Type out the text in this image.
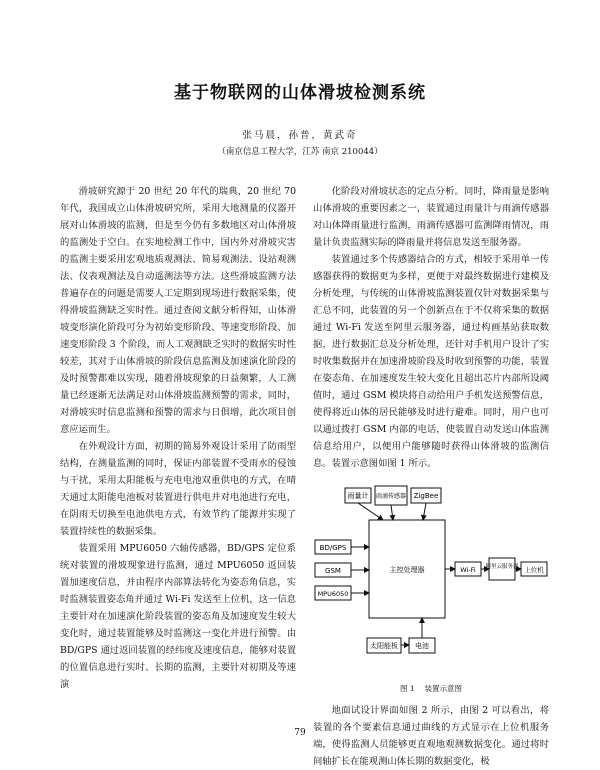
基于物联网的山体滑坡检测系统
张马晨，孙普，黄武奇
（南京信息工程大学，江苏 南京 210044）

滑坡研究源于 20 世纪 20 年代的瑞典，20 世纪 70 年代，我国成立山体滑坡研究所，采用大地测量的仪器开展对山体滑坡的监测，但是至今仍有多数地区对山体滑坡的监测处于空白。在实地检测工作中，国内外对滑坡灾害的监测主要采用宏观地质观测法、简易观测法、设站观测法、仪表观测法及自动遥测法等方法。这些滑坡监测方法普遍存在的问题是需要人工定期到现场进行数据采集，使得滑坡监测缺乏实时性。通过查阅文献分析得知，山体滑坡变形演化阶段可分为初始变形阶段、等速变形阶段、加速变形阶段 3 个阶段，而人工观测缺乏实时的数据实时性较差，其对于山体滑坡的阶段信息监测及加速演化阶段的及时预警都难以实现，随着滑坡现象的日益频繁，人工测量已经逐渐无法满足对山体滑坡监测预警的需求，同时，对滑坡实时信息监测和预警的需求与日俱增，此次项目创意应运而生。

在外观设计方面，初期的简易外观设计采用了防雨型结构，在测量监测的同时，保证内部装置不受雨水的侵蚀与干扰，采用太阳能板与充电电池双重供电的方式，在晴天通过太阳能电池板对装置进行供电并对电池进行充电，在阴雨天切换至电池供电方式，有效节约了能源并实现了装置持续性的数据采集。

装置采用 MPU6050 六轴传感器，BD/GPS 定位系统对装置的滑坡现象进行监测，通过 MPU6050 返回装置加速度信息，并由程序内部算法转化为姿态角信息，实时监测装置姿态角并通过 Wi-Fi 发送至上位机，这一信息主要针对在加速演化阶段装置的姿态角及加速度发生较大变化时，通过装置能够及时监测这一变化并进行预警。由 BD/GPS 通过返回装置的经纬度及速度信息，能够对装置的位置信息进行实时、长期的监测，主要针对初期及等速演

化阶段对滑坡状态的定点分析。同时，降雨量是影响山体滑坡的重要因素之一，装置通过雨量计与雨滴传感器对山体降雨量进行监测，雨滴传感器可监测降雨情况，雨量计负责监测实际的降雨量并将信息发送至服务器。

装置通过多个传感器结合的方式，相较于采用单一传感器获得的数据更为多样，更便于对最终数据进行建模及分析处理，与传统的山体滑坡监测装置仅针对数据采集与汇总不同，此装置的另一个创新点在于不仅将采集的数据通过 Wi-Fi 发送至阿里云服务器，通过构画基站获取数据，进行数据汇总及分析处理，还针对手机用户设计了实时收集数据并在加速滑坡阶段及时收到预警的功能，装置在姿态角、在加速度发生较大变化且超出芯片内部所设阈值时，通过 GSM 模块将自动给用户手机发送预警信息，使得将近山体的居民能够及时进行避难。同时，用户也可以通过拨打 GSM 内部的电话，使装置自动发送山体监测信息给用户，以便用户能够随时获得山体滑坡的监测信息。装置示意图如图 1 所示。

主控处理器
雨量计 雨滴传感器 ZigBee
BD/GPS
GSM
MPU6050
太阳能板 电池
Wi-Fi 阿里云服务器 上位机
图 1 　装置示意图

地面试设计界面如图 2 所示，由图 2 可以看出，将装置的各个要素信息通过曲线的方式显示在上位机服务端，使得监测人员能够更直观地观测数据变化。通过将时间轴扩长在能观测山体长期的数据变化，极

79
